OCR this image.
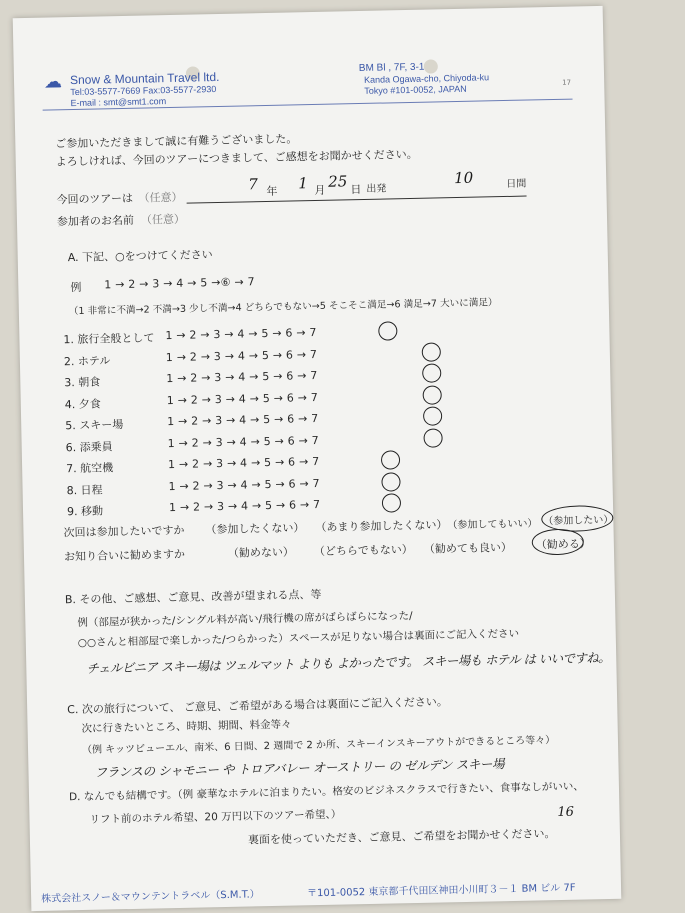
☁ Snow & Mountain Travel ltd.
Tel:03-5577-7669 Fax:03-5577-2930
E-mail : smt@smt1.com
BM Bl , 7F, 3-1
Kanda Ogawa-cho, Chiyoda-ku
Tokyo #101-0052, JAPAN
17
ご参加いただきまして誠に有難うございました。
よろしければ、今回のツアーにつきまして、ご感想をお聞かせください。
今回のツアーは （任意）
7 年 1 月 25 日 出発
10	日間
参加者のお名前 （任意）
A. 下記、○をつけてください
例 1 → 2 → 3 → 4 → 5 →⑥ → 7
（1 非常に不満→2 不満→3 少し不満→4 どちらでもない→5 そこそこ満足→6 満足→7 大いに満足）
1. 旅行全般として 1 → 2 → 3 → 4 → 5 → 6 → 7
2. ホテル	1 → 2 → 3 → 4 → 5 → 6 → 7
3. 朝食	1 → 2 → 3 → 4 → 5 → 6 → 7
4. 夕食	1 → 2 → 3 → 4 → 5 → 6 → 7
5. スキー場	1 → 2 → 3 → 4 → 5 → 6 → 7
6. 添乗員	1 → 2 → 3 → 4 → 5 → 6 → 7
7. 航空機	1 → 2 → 3 → 4 → 5 → 6 → 7
8. 日程	1 → 2 → 3 → 4 → 5 → 6 → 7
9. 移動	1 → 2 → 3 → 4 → 5 → 6 → 7
次回は参加したいですか （参加したくない） （あまり参加したくない） （参加してもいい） （参加したい）
お知り合いに勧めますか	（勧めない） （どちらでもない） （勧めても良い） （勧める）
B. その他、ご感想、ご意見、改善が望まれる点、等
例（部屋が狭かった/シングル料が高い/飛行機の席がばらばらになった/
○○さんと相部屋で楽しかった/つらかった）スペースが足りない場合は裏面にご記入ください
チェルビニア スキー場は ツェルマット よりも よかったです。 スキー場も ホテル は いいですね。
C. 次の旅行について、 ご意見、ご希望がある場合は裏面にご記入ください。
次に行きたいところ、時期、期間、料金等々
（例 キッツビューエル、南米、6 日間、2 週間で 2 か所、スキーインスキーアウトができるところ等々）
フランスの シャモニー や トロアバレー オーストリー の ゼルデン スキー場
D. なんでも結構です。（例 豪華なホテルに泊まりたい。格安のビジネスクラスで行きたい、食事なしがいい、
リフト前のホテル希望、20 万円以下のツアー希望、）	16
裏面を使っていただき、ご意見、ご希望をお聞かせください。
株式会社スノー＆マウンテントラベル（S.M.T.）	〒101-0052 東京都千代田区神田小川町３－１ BM ビル 7F
